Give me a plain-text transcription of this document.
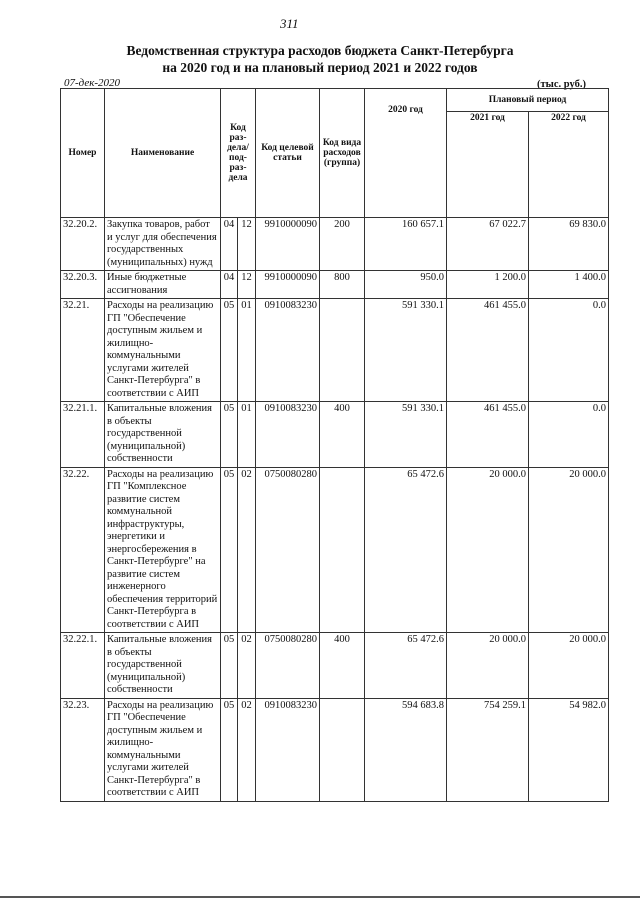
311
Ведомственная структура расходов бюджета Санкт-Петербурга
на 2020 год и на плановый период 2021 и 2022 годов
07-дек-2020	(тыс. руб.)
Номер	Наименование	Код раз- дела/ под- раз- дела		Код целевой статьи	Код вида расходов (группа)	2020 год	Плановый период	
							2021 год	2022 год
32.20.2.	Закупка товаров, работ и услуг для обеспечения государственных (муниципальных) нужд	04	12	9910000090	200	160 657.1	67 022.7	69 830.0
32.20.3.	Иные бюджетные ассигнования	04	12	9910000090	800	950.0	1 200.0	1 400.0
32.21.	Расходы на реализацию ГП "Обеспечение доступным жильем и жилищно-коммунальными услугами жителей Санкт-Петербурга" в соответствии с АИП	05	01	0910083230		591 330.1	461 455.0	0.0
32.21.1.	Капитальные вложения в объекты государственной (муниципальной) собственности	05	01	0910083230	400	591 330.1	461 455.0	0.0
32.22.	Расходы на реализацию ГП "Комплексное развитие систем коммунальной инфраструктуры, энергетики и энергосбережения в Санкт-Петербурге" на развитие систем инженерного обеспечения территорий Санкт-Петербурга в соответствии с АИП	05	02	0750080280		65 472.6	20 000.0	20 000.0
32.22.1.	Капитальные вложения в объекты государственной (муниципальной) собственности	05	02	0750080280	400	65 472.6	20 000.0	20 000.0
32.23.	Расходы на реализацию ГП "Обеспечение доступным жильем и жилищно-коммунальными услугами жителей Санкт-Петербурга" в соответствии с АИП	05	02	0910083230		594 683.8	754 259.1	54 982.0
